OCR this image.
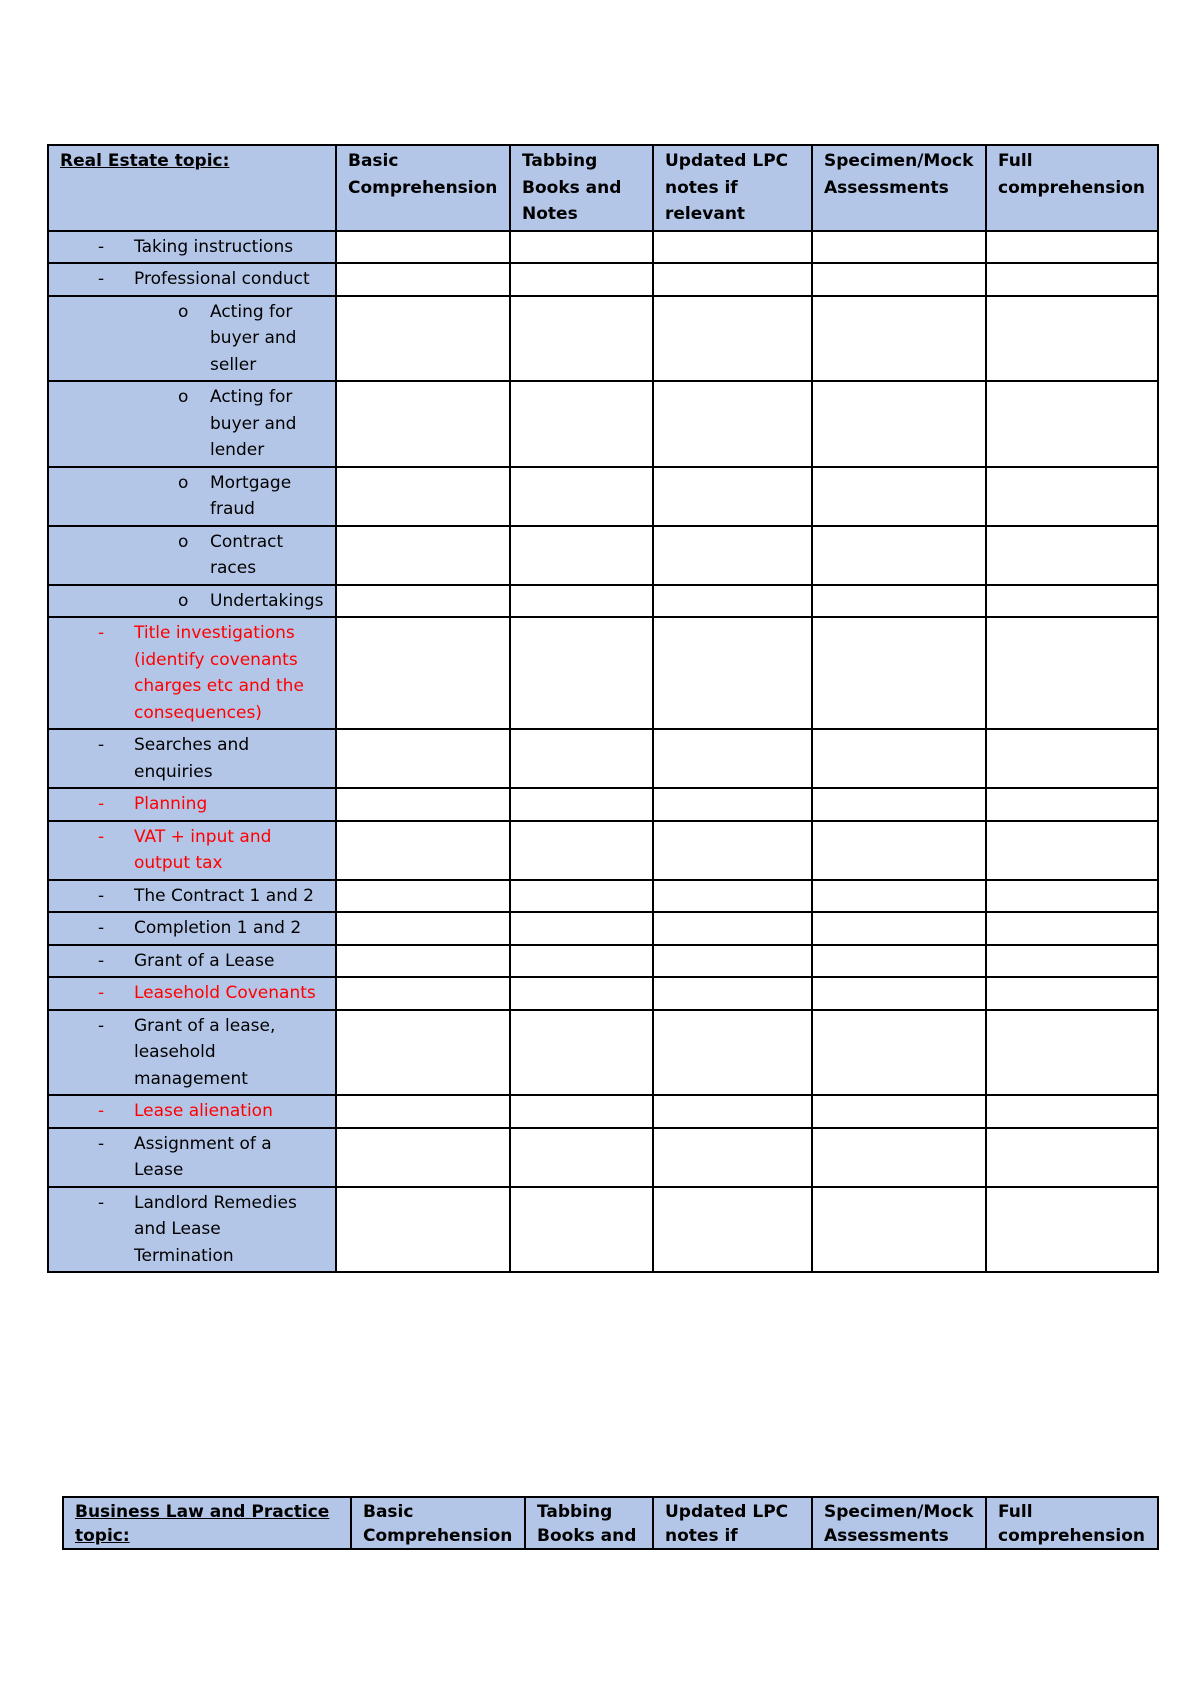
Real Estate topic:	Basic Comprehension	Tabbing Books and Notes	Updated LPC notes if relevant	Specimen/Mock Assessments	Full comprehension

- Taking instructions					

- Professional conduct					

o Acting for buyer and seller					

o Acting for buyer and lender					

o Mortgage fraud					

o Contract races					

o Undertakings					

- Title investigations (identify covenants charges etc and the consequences)					

- Searches and enquiries					

- Planning					

- VAT + input and output tax					

- The Contract 1 and 2					

- Completion 1 and 2					

- Grant of a Lease					

- Leasehold Covenants					

- Grant of a lease, leasehold management					

- Lease alienation					

- Assignment of a Lease					

- Landlord Remedies and Lease Termination					

Business Law and Practice topic:	Basic Comprehension	Tabbing Books and	Updated LPC notes if	Specimen/Mock Assessments	Full comprehension
